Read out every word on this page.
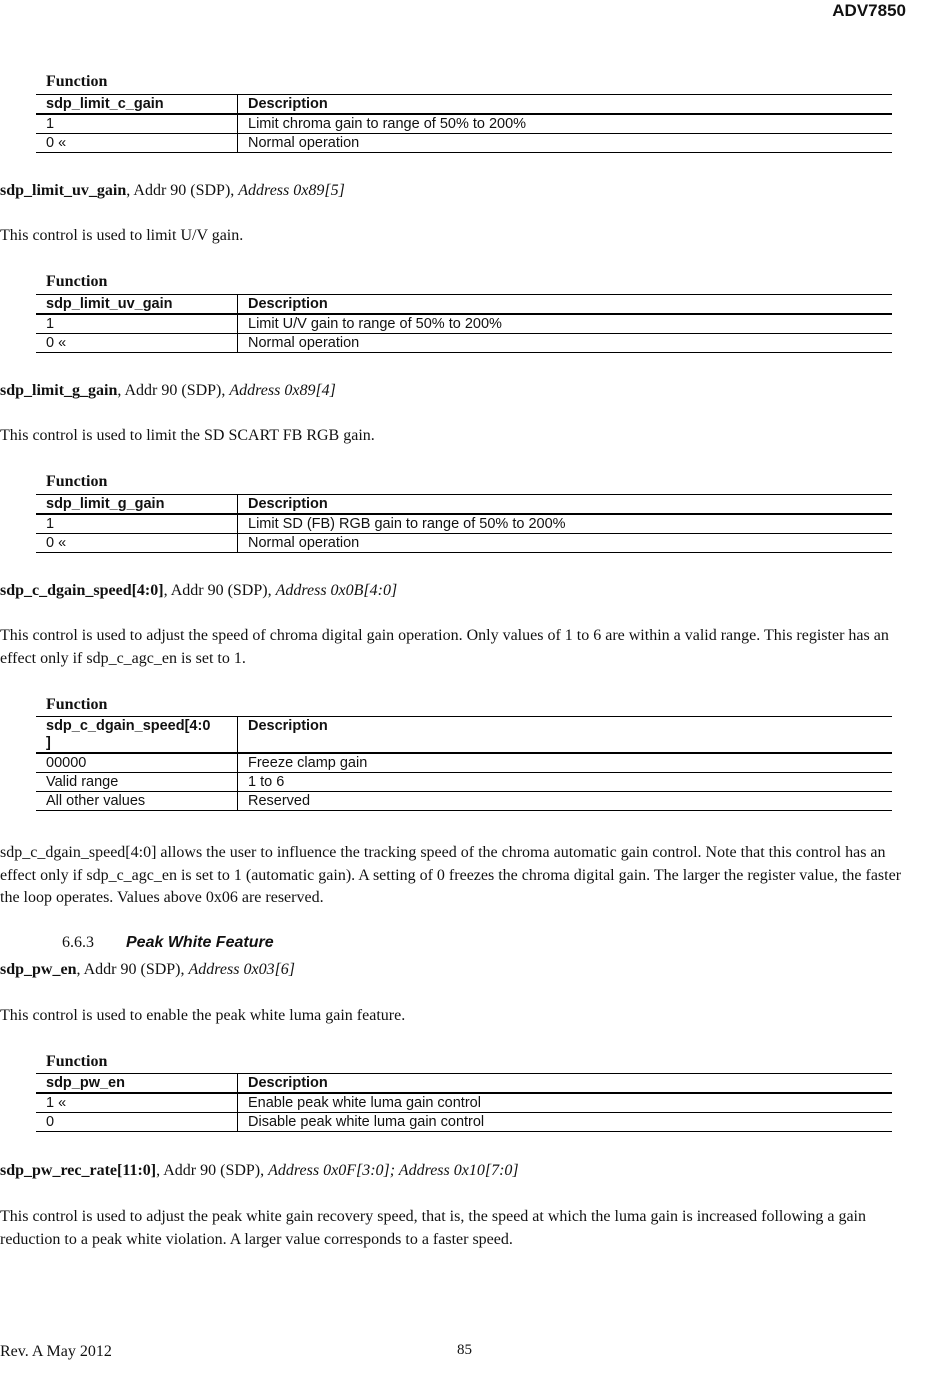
ADV7850
Function
sdp_limit_c_gain	Description
1	Limit chroma gain to range of 50% to 200%
0 «	Normal operation
sdp_limit_uv_gain, Addr 90 (SDP), Address 0x89[5]
This control is used to limit U/V gain.
Function
sdp_limit_uv_gain	Description
1	Limit U/V gain to range of 50% to 200%
0 «	Normal operation
sdp_limit_g_gain, Addr 90 (SDP), Address 0x89[4]
This control is used to limit the SD SCART FB RGB gain.
Function
sdp_limit_g_gain	Description
1	Limit SD (FB) RGB gain to range of 50% to 200%
0 «	Normal operation
sdp_c_dgain_speed[4:0], Addr 90 (SDP), Address 0x0B[4:0]
This control is used to adjust the speed of chroma digital gain operation. Only values of 1 to 6 are within a valid range. This register has an effect only if sdp_c_agc_en is set to 1.
Function
sdp_c_dgain_speed[4:0 ]	Description
00000	Freeze clamp gain
Valid range	1 to 6
All other values	Reserved
sdp_c_dgain_speed[4:0] allows the user to influence the tracking speed of the chroma automatic gain control. Note that this control has an effect only if sdp_c_agc_en is set to 1 (automatic gain). A setting of 0 freezes the chroma digital gain. The larger the register value, the faster the loop operates. Values above 0x06 are reserved.
6.6.3 Peak White Feature
sdp_pw_en, Addr 90 (SDP), Address 0x03[6]
This control is used to enable the peak white luma gain feature.
Function
sdp_pw_en	Description
1 «	Enable peak white luma gain control
0	Disable peak white luma gain control
sdp_pw_rec_rate[11:0], Addr 90 (SDP), Address 0x0F[3:0]; Address 0x10[7:0]
This control is used to adjust the peak white gain recovery speed, that is, the speed at which the luma gain is increased following a gain reduction to a peak white violation. A larger value corresponds to a faster speed.
Rev. A May 2012	85
